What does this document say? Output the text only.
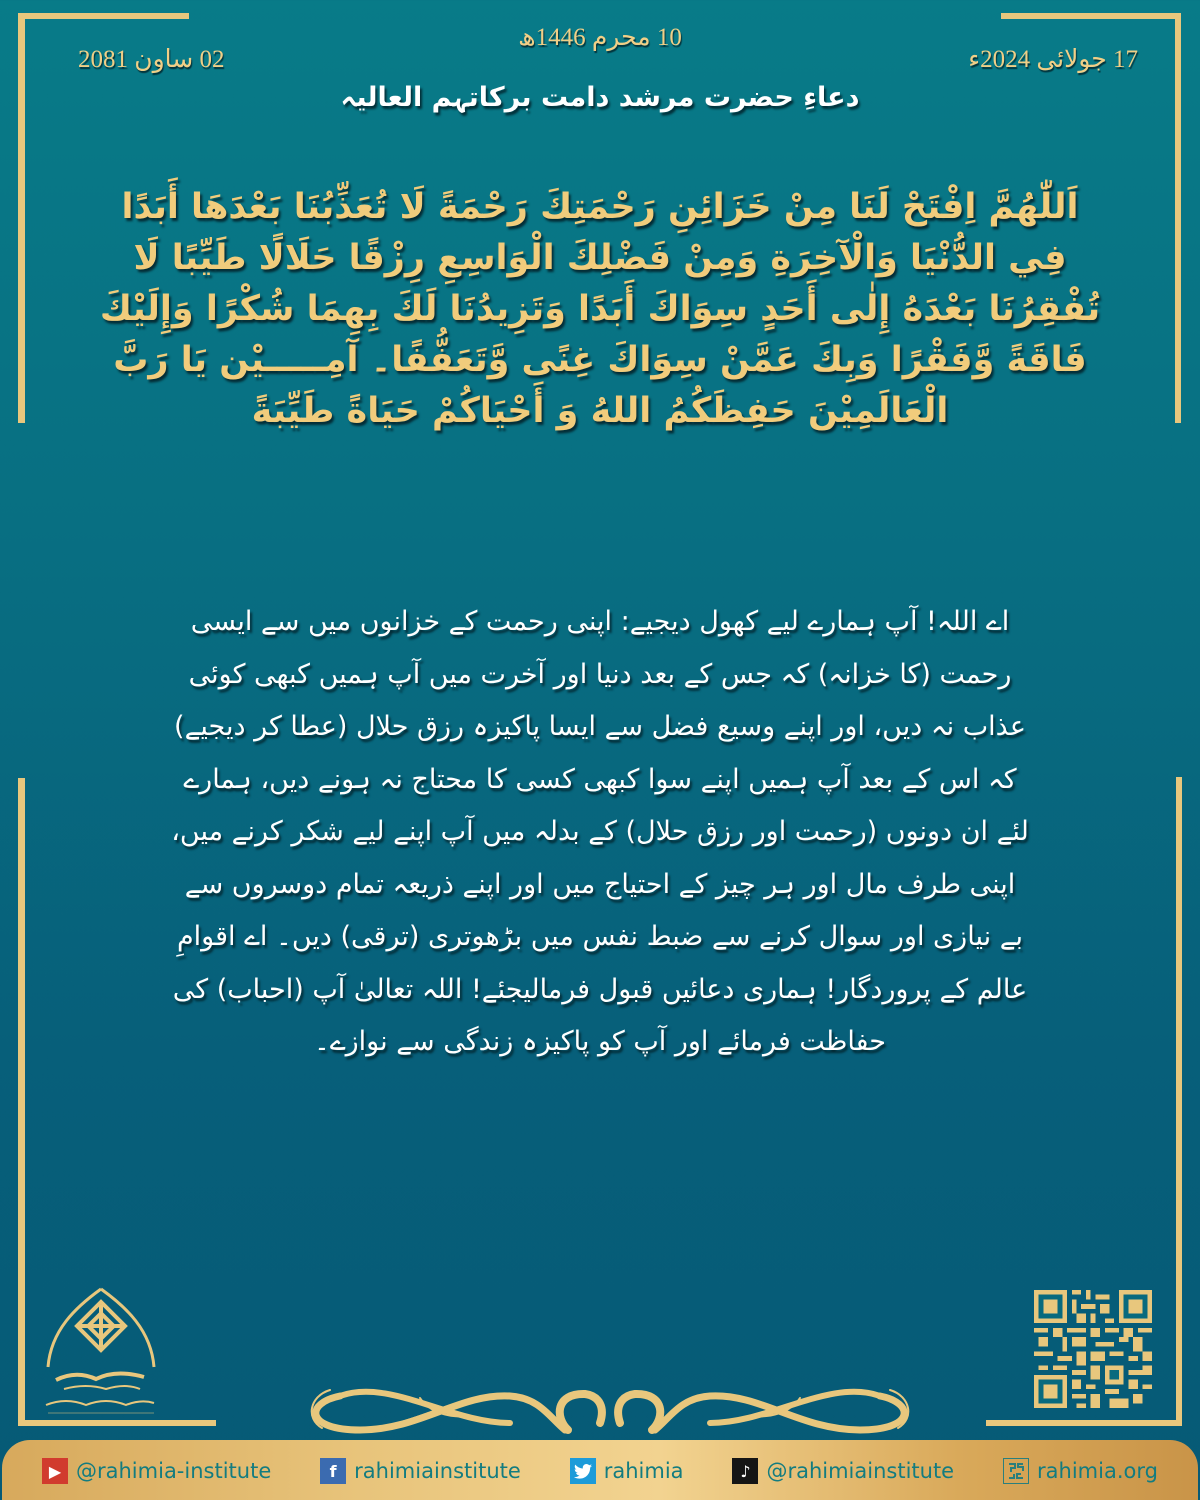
02 ساون 2081
10 محرم 1446ھ
17 جولائی 2024ء
دعاءِ حضرت مرشد دامت برکاتہم العالیہ
اَللّٰهُمَّ اِفْتَحْ لَنَا مِنْ خَزَائِنِ رَحْمَتِكَ رَحْمَةً لَا تُعَذِّبُنَا بَعْدَهَا أَبَدًا فِي الدُّنْيَا وَالْآخِرَةِ وَمِنْ فَضْلِكَ الْوَاسِعِ رِزْقًا حَلَالًا طَيِّبًا لَا تُفْقِرُنَا بَعْدَهُ إِلٰى أَحَدٍ سِوَاكَ أَبَدًا وَتَزِيدُنَا لَكَ بِهِمَا شُكْرًا وَإِلَيْكَ فَاقَةً وَّفَقْرًا وَبِكَ عَمَّنْ سِوَاكَ غِنًى وَّتَعَفُّفًا۔ آمِـــــيْن يَا رَبَّ الْعَالَمِيْنَ حَفِظَكُمُ اللهُ وَ أَحْيَاكُمْ حَيَاةً طَيِّبَةً
اے اللہ! آپ ہمارے لیے کھول دیجیے: اپنی رحمت کے خزانوں میں سے ایسی رحمت (کا خزانہ) کہ جس کے بعد دنیا اور آخرت میں آپ ہمیں کبھی کوئی عذاب نہ دیں، اور اپنے وسیع فضل سے ایسا پاکیزہ رزق حلال (عطا کر دیجیے) کہ اس کے بعد آپ ہمیں اپنے سوا کبھی کسی کا محتاج نہ ہونے دیں، ہمارے لئے ان دونوں (رحمت اور رزق حلال) کے بدلہ میں آپ اپنے لیے شکر کرنے میں، اپنی طرف مال اور ہر چیز کے احتیاج میں اور اپنے ذریعہ تمام دوسروں سے بے نیازی اور سوال کرنے سے ضبط نفس میں بڑھوتری (ترقی) دیں۔ اے اقوامِ عالم کے پروردگار! ہماری دعائیں قبول فرمالیجئے! اللہ تعالیٰ آپ (احباب) کی حفاظت فرمائے اور آپ کو پاکیزہ زندگی سے نوازے۔
▶ @rahimia-institute	f rahimiainstitute	rahimia	♪ @rahimiainstitute	rahimia.org
